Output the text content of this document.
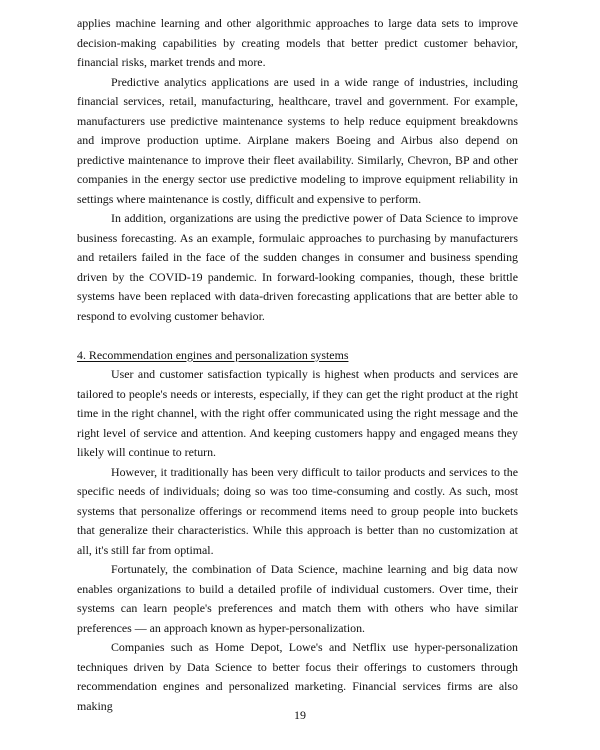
applies machine learning and other algorithmic approaches to large data sets to improve decision-making capabilities by creating models that better predict customer behavior, financial risks, market trends and more.

Predictive analytics applications are used in a wide range of industries, including financial services, retail, manufacturing, healthcare, travel and government. For example, manufacturers use predictive maintenance systems to help reduce equipment breakdowns and improve production uptime. Airplane makers Boeing and Airbus also depend on predictive maintenance to improve their fleet availability. Similarly, Chevron, BP and other companies in the energy sector use predictive modeling to improve equipment reliability in settings where maintenance is costly, difficult and expensive to perform.

In addition, organizations are using the predictive power of Data Science to improve business forecasting. As an example, formulaic approaches to purchasing by manufacturers and retailers failed in the face of the sudden changes in consumer and business spending driven by the COVID-19 pandemic. In forward-looking companies, though, these brittle systems have been replaced with data-driven forecasting applications that are better able to respond to evolving customer behavior.

4. Recommendation engines and personalization systems

User and customer satisfaction typically is highest when products and services are tailored to people's needs or interests, especially, if they can get the right product at the right time in the right channel, with the right offer communicated using the right message and the right level of service and attention. And keeping customers happy and engaged means they likely will continue to return.

However, it traditionally has been very difficult to tailor products and services to the specific needs of individuals; doing so was too time-consuming and costly. As such, most systems that personalize offerings or recommend items need to group people into buckets that generalize their characteristics. While this approach is better than no customization at all, it's still far from optimal.

Fortunately, the combination of Data Science, machine learning and big data now enables organizations to build a detailed profile of individual customers. Over time, their systems can learn people's preferences and match them with others who have similar preferences — an approach known as hyper-personalization.

Companies such as Home Depot, Lowe's and Netflix use hyper-personalization techniques driven by Data Science to better focus their offerings to customers through recommendation engines and personalized marketing. Financial services firms are also making

19
